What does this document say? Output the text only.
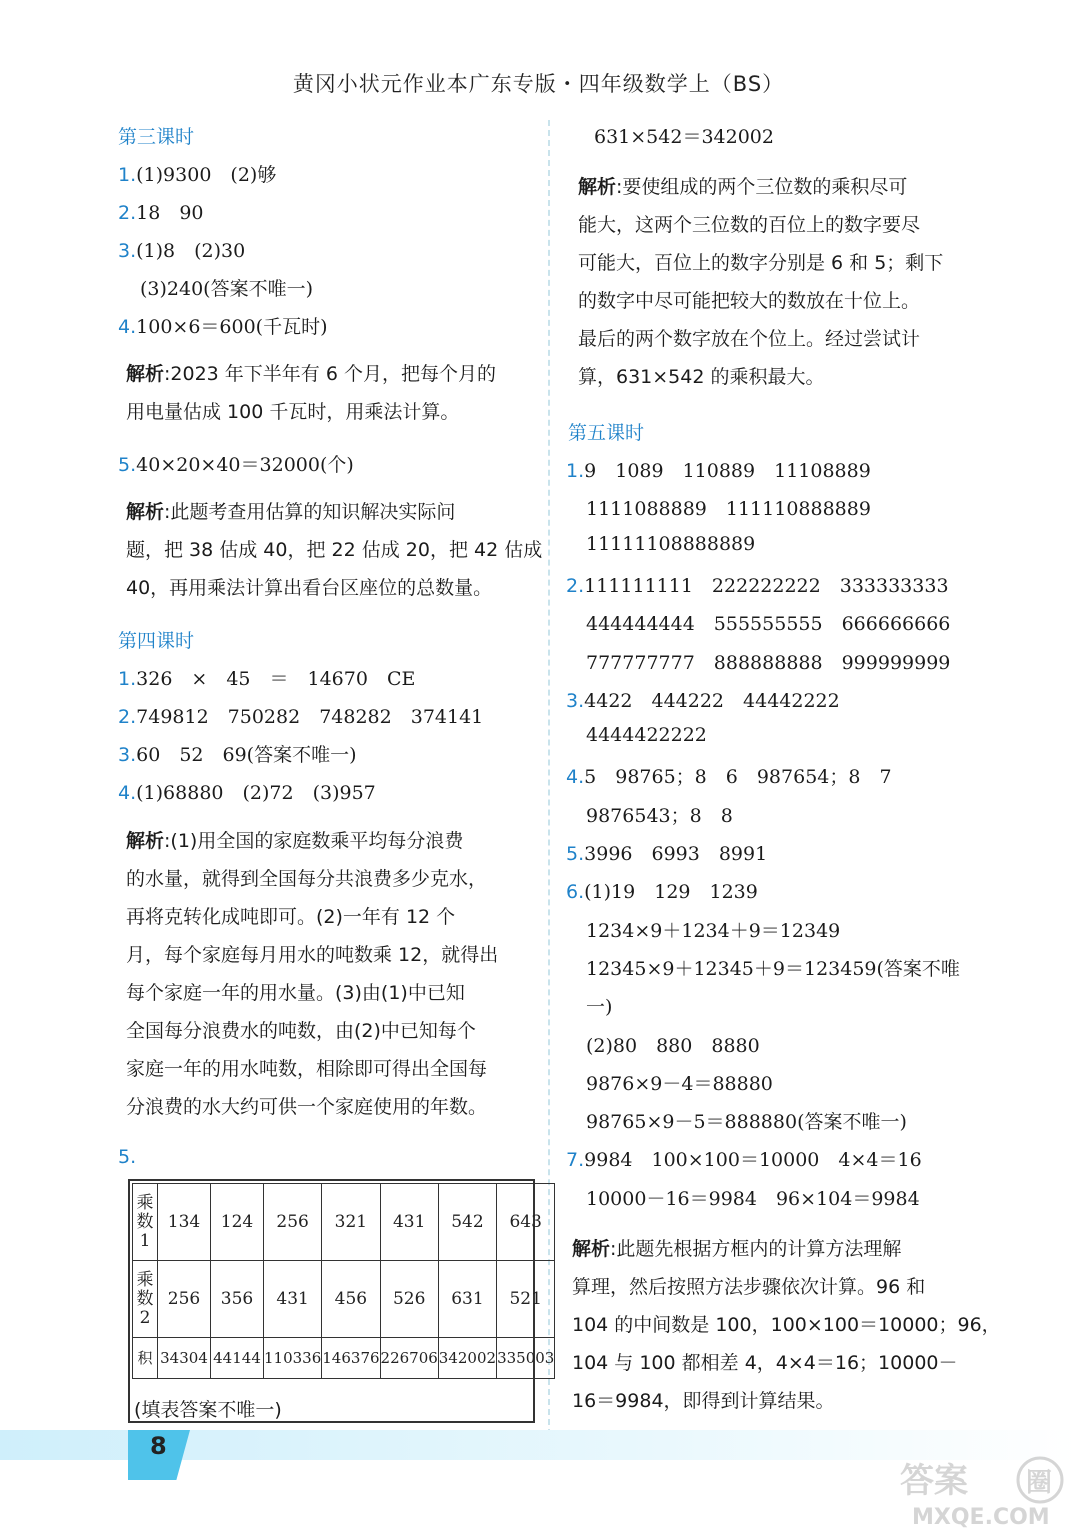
黄冈小状元作业本广东专版・四年级数学上（BS）
第三课时
1.(1)9300　(2)够
2.18　90
3.(1)8　(2)30
(3)240(答案不唯一)
4.100×6＝600(千瓦时)
解析:2023 年下半年有 6 个月，把每个月的
用电量估成 100 千瓦时，用乘法计算。
5.40×20×40＝32000(个)
解析:此题考查用估算的知识解决实际问
题，把 38 估成 40，把 22 估成 20，把 42 估成
40，再用乘法计算出看台区座位的总数量。
第四课时
1.326　×　45　＝　14670　CE
2.749812　750282　748282　374141
3.60　52　69(答案不唯一)
4.(1)68880　(2)72　(3)957
解析:(1)用全国的家庭数乘平均每分浪费
的水量，就得到全国每分共浪费多少克水，
再将克转化成吨即可。(2)一年有 12 个
月，每个家庭每月用水的吨数乘 12，就得出
每个家庭一年的用水量。(3)由(1)中已知
全国每分浪费水的吨数，由(2)中已知每个
家庭一年的用水吨数，相除即可得出全国每
分浪费的水大约可供一个家庭使用的年数。
5.
乘
数
1	134	124	256	321	431	542	643
乘
数
2	256	356	431	456	526	631	521
积	34304	44144	110336	146376	226706	342002	335003
(填表答案不唯一)
631×542＝342002
解析:要使组成的两个三位数的乘积尽可
能大，这两个三位数的百位上的数字要尽
可能大，百位上的数字分别是 6 和 5；剩下
的数字中尽可能把较大的数放在十位上。
最后的两个数字放在个位上。经过尝试计
算，631×542 的乘积最大。
第五课时
1.9　1089　110889　11108889
1111088889　111110888889
11111108888889
2.111111111　222222222　333333333
444444444　555555555　666666666
777777777　888888888　999999999
3.4422　444222　44442222
4444422222
4.5　98765；8　6　987654；8　7
9876543；8　8
5.3996　6993　8991
6.(1)19　129　1239
1234×9＋1234＋9＝12349
12345×9＋12345＋9＝123459(答案不唯
一)
(2)80　880　8880
9876×9－4＝88880
98765×9－5＝888880(答案不唯一)
7.9984　100×100＝10000　4×4＝16
10000－16＝9984　96×104＝9984
解析:此题先根据方框内的计算方法理解
算理，然后按照方法步骤依次计算。96 和
104 的中间数是 100，100×100＝10000；96，
104 与 100 都相差 4，4×4＝16；10000－
16＝9984，即得到计算结果。
8
答案 圈
MXQE.COM
